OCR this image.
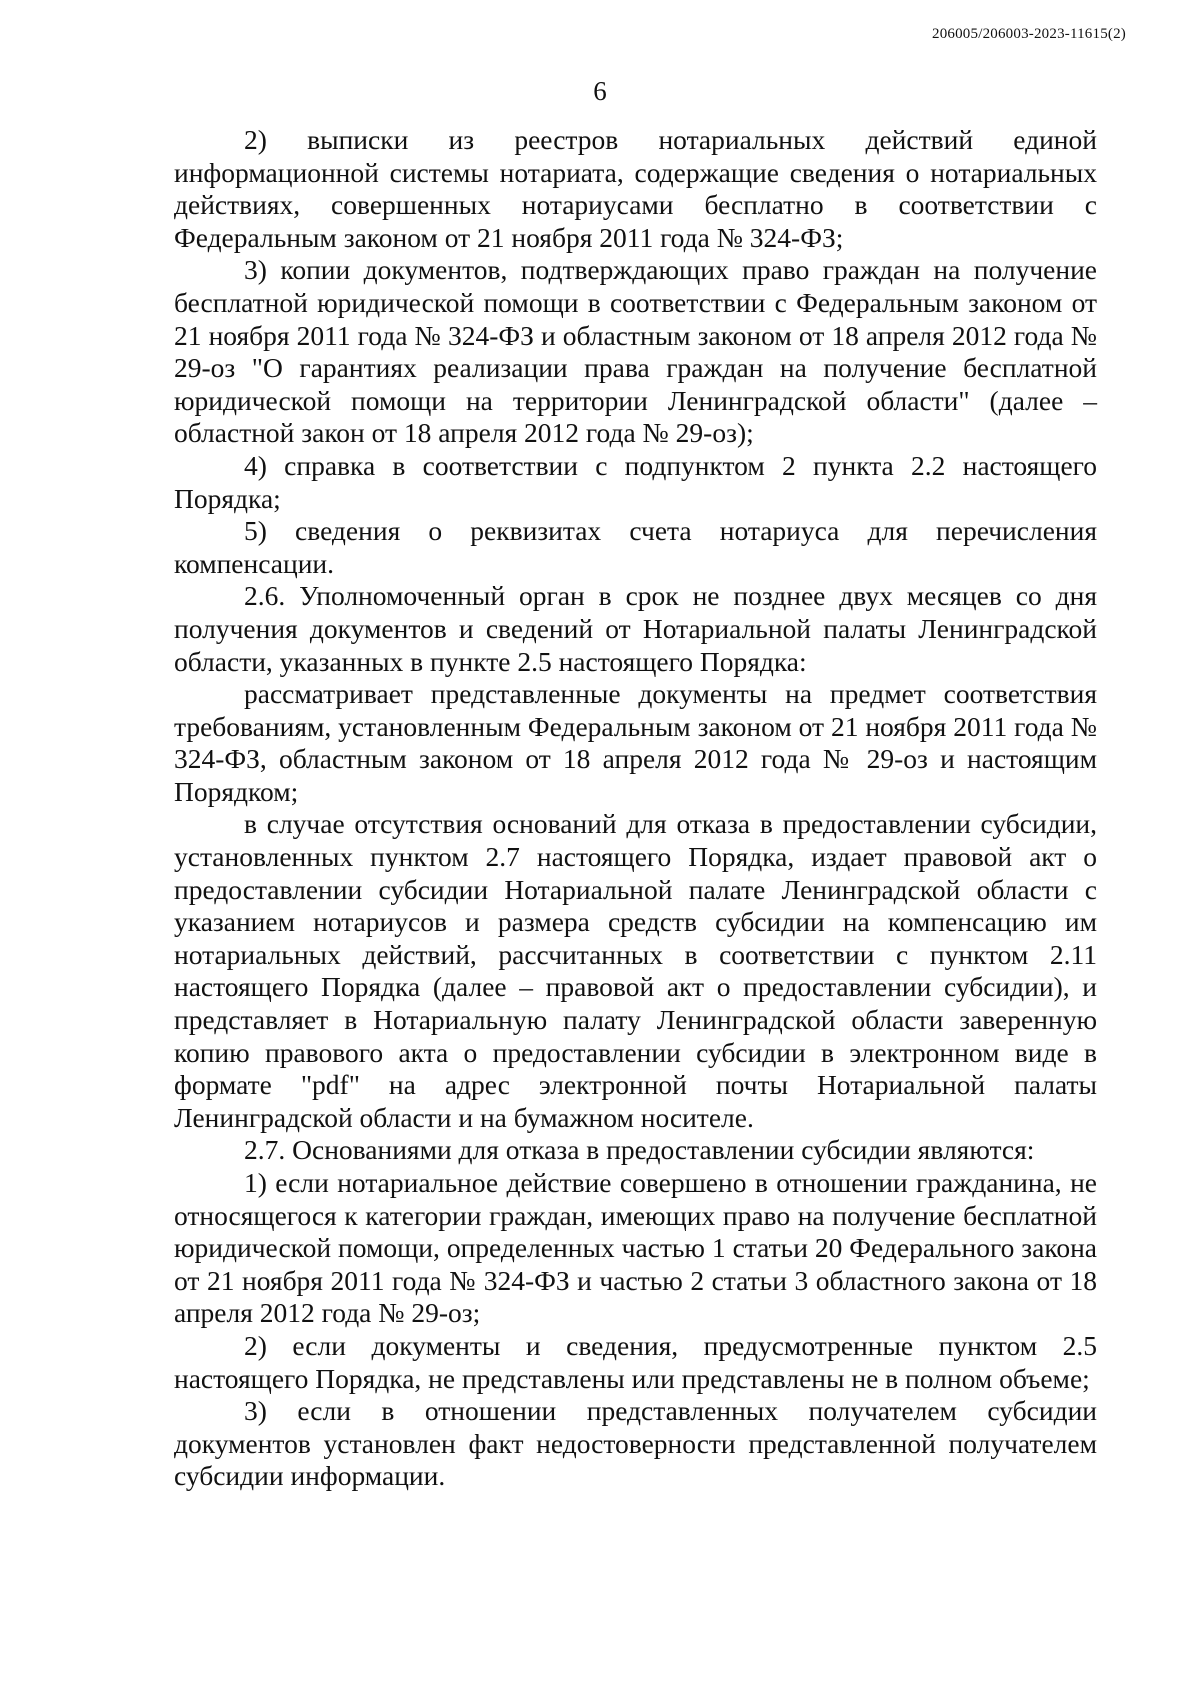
206005/206003-2023-11615(2)
6

2) выписки из реестров нотариальных действий единой информационной системы нотариата, содержащие сведения о нотариальных действиях, совершенных нотариусами бесплатно в соответствии с Федеральным законом от 21 ноября 2011 года № 324-ФЗ;

3) копии документов, подтверждающих право граждан на получение бесплатной юридической помощи в соответствии с Федеральным законом от 21 ноября 2011 года № 324-ФЗ и областным законом от 18 апреля 2012 года № 29-оз "О гарантиях реализации права граждан на получение бесплатной юридической помощи на территории Ленинградской области" (далее – областной закон от 18 апреля 2012 года № 29-оз);

4) справка в соответствии с подпунктом 2 пункта 2.2 настоящего Порядка;

5) сведения о реквизитах счета нотариуса для перечисления компенсации.

2.6. Уполномоченный орган в срок не позднее двух месяцев со дня получения документов и сведений от Нотариальной палаты Ленинградской области, указанных в пункте 2.5 настоящего Порядка:

рассматривает представленные документы на предмет соответствия требованиям, установленным Федеральным законом от 21 ноября 2011 года № 324-ФЗ, областным законом от 18 апреля 2012 года № 29-оз и настоящим Порядком;

в случае отсутствия оснований для отказа в предоставлении субсидии, установленных пунктом 2.7 настоящего Порядка, издает правовой акт о предоставлении субсидии Нотариальной палате Ленинградской области с указанием нотариусов и размера средств субсидии на компенсацию им нотариальных действий, рассчитанных в соответствии с пунктом 2.11 настоящего Порядка (далее – правовой акт о предоставлении субсидии), и представляет в Нотариальную палату Ленинградской области заверенную копию правового акта о предоставлении субсидии в электронном виде в формате "pdf" на адрес электронной почты Нотариальной палаты Ленинградской области и на бумажном носителе.

2.7. Основаниями для отказа в предоставлении субсидии являются:

1) если нотариальное действие совершено в отношении гражданина, не относящегося к категории граждан, имеющих право на получение бесплатной юридической помощи, определенных частью 1 статьи 20 Федерального закона от 21 ноября 2011 года № 324-ФЗ и частью 2 статьи 3 областного закона от 18 апреля 2012 года № 29-оз;

2) если документы и сведения, предусмотренные пунктом 2.5 настоящего Порядка, не представлены или представлены не в полном объеме;

3) если в отношении представленных получателем субсидии документов установлен факт недостоверности представленной получателем субсидии информации.
